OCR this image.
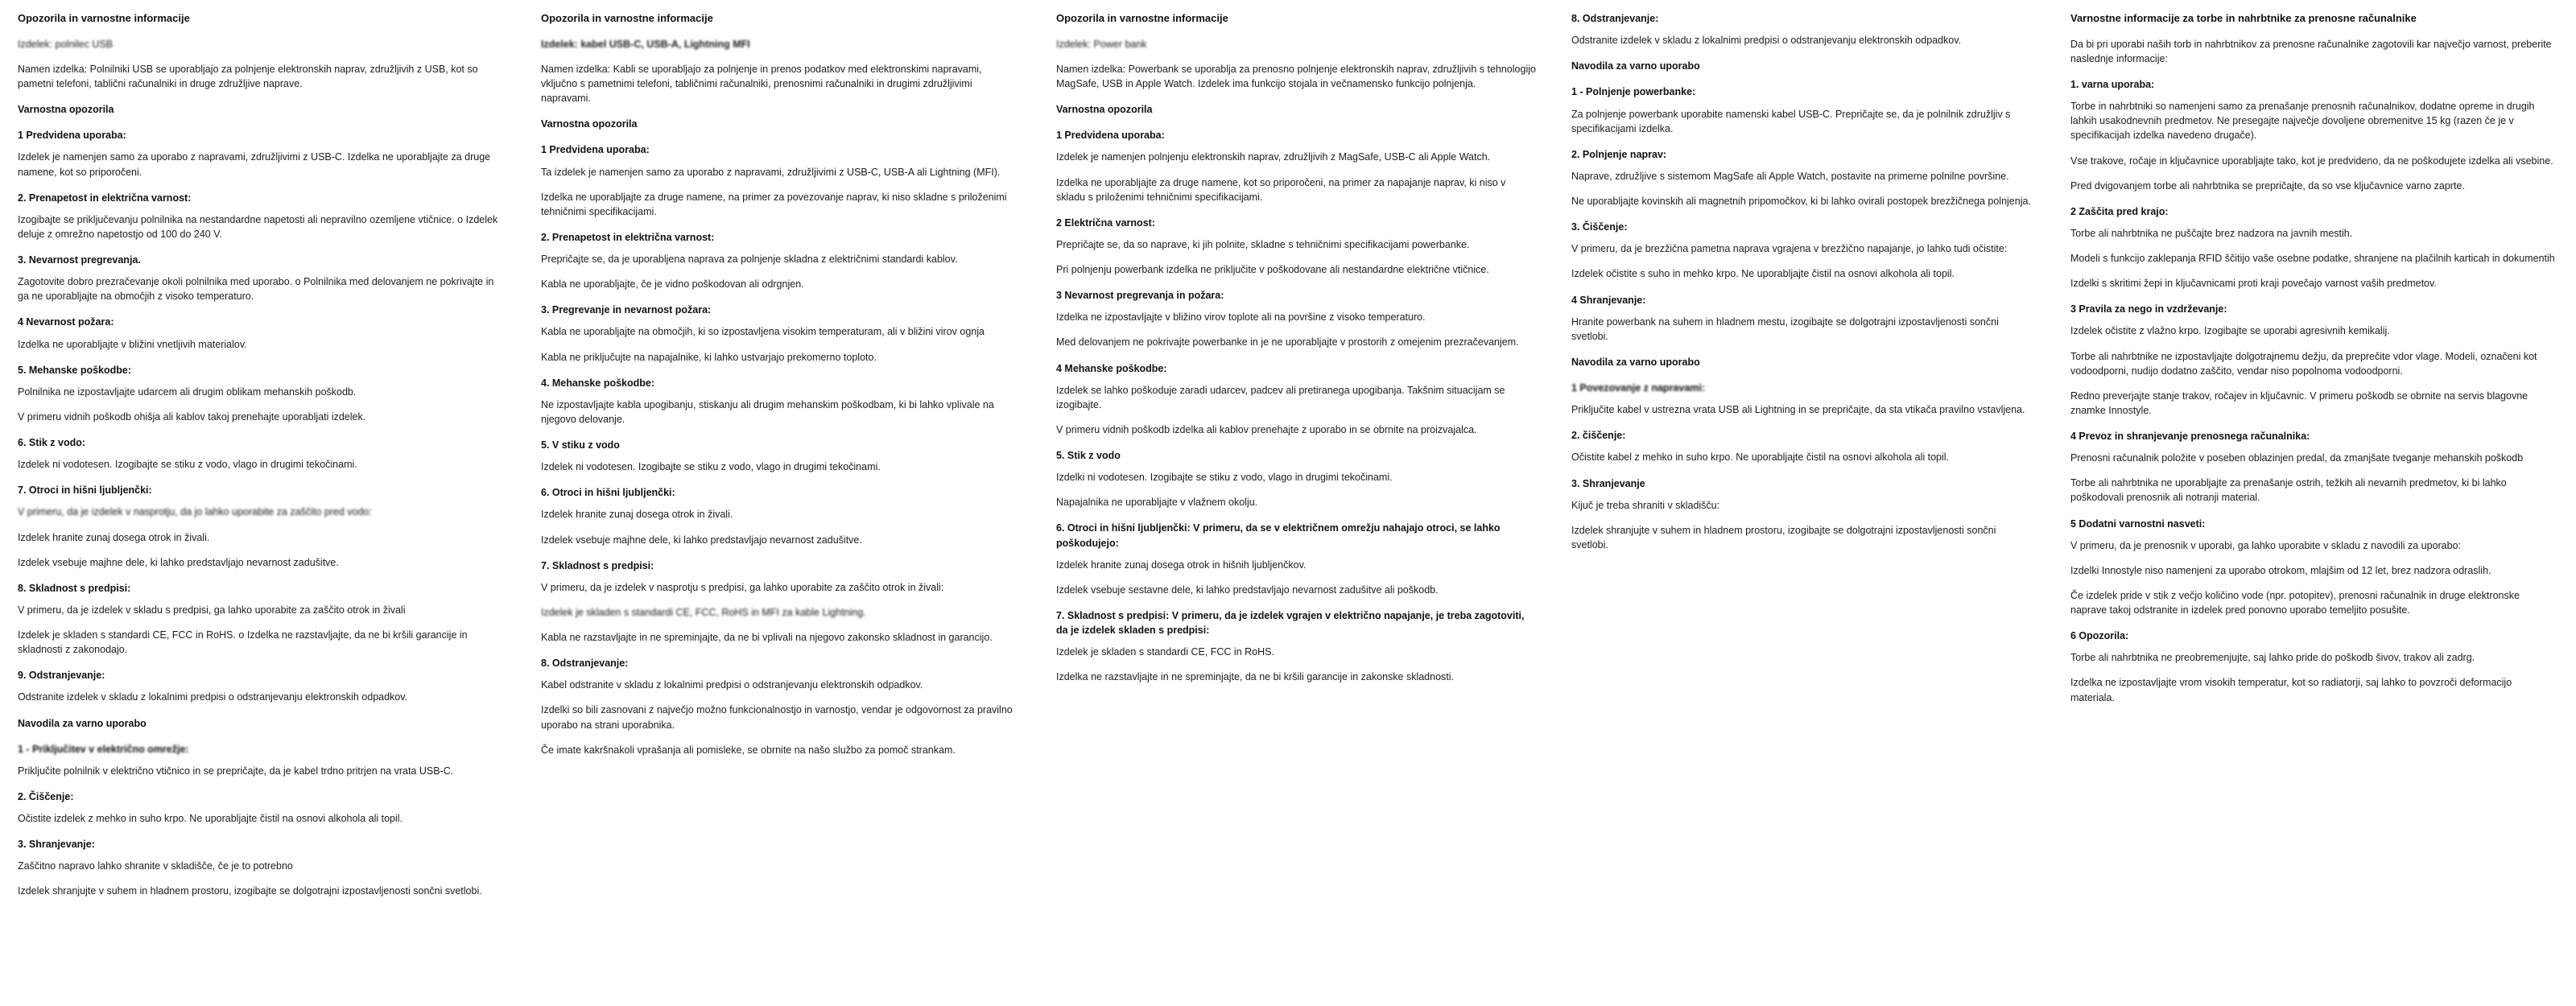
Opozorila in varnostne informacije
Izdelek: polnilec USB
Namen izdelka: Polnilniki USB se uporabljajo za polnjenje elektronskih naprav, združljivih z USB, kot so pametni telefoni, tablični računalniki in druge združljive naprave.
Varnostna opozorila
1 Predvidena uporaba:
Izdelek je namenjen samo za uporabo z napravami, združljivimi z USB-C. Izdelka ne uporabljajte za druge namene, kot so priporočeni.
2. Prenapetost in električna varnost:
Izogibajte se priključevanju polnilnika na nestandardne napetosti ali nepravilno ozemljene vtičnice. o Izdelek deluje z omrežno napetostjo od 100 do 240 V.
3. Nevarnost pregrevanja.
Zagotovite dobro prezračevanje okoli polnilnika med uporabo. o Polnilnika med delovanjem ne pokrivajte in ga ne uporabljajte na območjih z visoko temperaturo.
4 Nevarnost požara:
Izdelka ne uporabljajte v bližini vnetljivih materialov.
5. Mehanske poškodbe:
Polnilnika ne izpostavljajte udarcem ali drugim oblikam mehanskih poškodb.
V primeru vidnih poškodb ohišja ali kablov takoj prenehajte uporabljati izdelek.
6. Stik z vodo:
Izdelek ni vodotesen. Izogibajte se stiku z vodo, vlago in drugimi tekočinami.
7. Otroci in hišni ljubljenčki:
V primeru, da je izdelek v nasprotju, da jo lahko uporabite za zaščito pred vodo:
Izdelek hranite zunaj dosega otrok in živali.
Izdelek vsebuje majhne dele, ki lahko predstavljajo nevarnost zadušitve.
8. Skladnost s predpisi:
V primeru, da je izdelek v skladu s predpisi, ga lahko uporabite za zaščito otrok in živali
Izdelek je skladen s standardi CE, FCC in RoHS. o Izdelka ne razstavljajte, da ne bi kršili garancije in skladnosti z zakonodajo.
9. Odstranjevanje:
Odstranite izdelek v skladu z lokalnimi predpisi o odstranjevanju elektronskih odpadkov.
Navodila za varno uporabo
1 - Priključitev v električno omrežje:
Priključite polnilnik v električno vtičnico in se prepričajte, da je kabel trdno pritrjen na vrata USB-C.
2. Čiščenje:
Očistite izdelek z mehko in suho krpo. Ne uporabljajte čistil na osnovi alkohola ali topil.
3. Shranjevanje:
Zaščitno napravo lahko shranite v skladišče, če je to potrebno
Izdelek shranjujte v suhem in hladnem prostoru, izogibajte se dolgotrajni izpostavljenosti sončni svetlobi.
Opozorila in varnostne informacije
Izdelek: kabel USB-C, USB-A, Lightning MFI
Namen izdelka: Kabli se uporabljajo za polnjenje in prenos podatkov med elektronskimi napravami, vključno s pametnimi telefoni, tabličnimi računalniki, prenosnimi računalniki in drugimi združljivimi napravami.
Varnostna opozorila
1 Predvidena uporaba:
Ta izdelek je namenjen samo za uporabo z napravami, združljivimi z USB-C, USB-A ali Lightning (MFI).
Izdelka ne uporabljajte za druge namene, na primer za povezovanje naprav, ki niso skladne s priloženimi tehničnimi specifikacijami.
2. Prenapetost in električna varnost:
Prepričajte se, da je uporabljena naprava za polnjenje skladna z električnimi standardi kablov.
Kabla ne uporabljajte, če je vidno poškodovan ali odrgnjen.
3. Pregrevanje in nevarnost požara:
Kabla ne uporabljajte na območjih, ki so izpostavljena visokim temperaturam, ali v bližini virov ognja
Kabla ne priključujte na napajalnike, ki lahko ustvarjajo prekomerno toploto.
4. Mehanske poškodbe:
Ne izpostavljajte kabla upogibanju, stiskanju ali drugim mehanskim poškodbam, ki bi lahko vplivale na njegovo delovanje.
5. V stiku z vodo
Izdelek ni vodotesen. Izogibajte se stiku z vodo, vlago in drugimi tekočinami.
6. Otroci in hišni ljubljenčki:
Izdelek hranite zunaj dosega otrok in živali.
Izdelek vsebuje majhne dele, ki lahko predstavljajo nevarnost zadušitve.
7. Skladnost s predpisi:
V primeru, da je izdelek v nasprotju s predpisi, ga lahko uporabite za zaščito otrok in živali:
Izdelek je skladen s standardi CE, FCC, RoHS in MFI za kable Lightning.
Kabla ne razstavljajte in ne spreminjajte, da ne bi vplivali na njegovo zakonsko skladnost in garancijo.
8. Odstranjevanje:
Kabel odstranite v skladu z lokalnimi predpisi o odstranjevanju elektronskih odpadkov.
Izdelki so bili zasnovani z največjo možno funkcionalnostjo in varnostjo, vendar je odgovornost za pravilno uporabo na strani uporabnika.
Če imate kakršnakoli vprašanja ali pomisleke, se obrnite na našo službo za pomoč strankam.
Opozorila in varnostne informacije
Izdelek: Power bank
Namen izdelka: Powerbank se uporablja za prenosno polnjenje elektronskih naprav, združljivih s tehnologijo MagSafe, USB in Apple Watch. Izdelek ima funkcijo stojala in večnamensko funkcijo polnjenja.
Varnostna opozorila
1 Predvidena uporaba:
Izdelek je namenjen polnjenju elektronskih naprav, združljivih z MagSafe, USB-C ali Apple Watch.
Izdelka ne uporabljajte za druge namene, kot so priporočeni, na primer za napajanje naprav, ki niso v skladu s priloženimi tehničnimi specifikacijami.
2 Električna varnost:
Prepričajte se, da so naprave, ki jih polnite, skladne s tehničnimi specifikacijami powerbanke.
Pri polnjenju powerbank izdelka ne priključite v poškodovane ali nestandardne električne vtičnice.
3 Nevarnost pregrevanja in požara:
Izdelka ne izpostavljajte v bližino virov toplote ali na površine z visoko temperaturo.
Med delovanjem ne pokrivajte powerbanke in je ne uporabljajte v prostorih z omejenim prezračevanjem.
4 Mehanske poškodbe:
Izdelek se lahko poškoduje zaradi udarcev, padcev ali pretiranega upogibanja. Takšnim situacijam se izogibajte.
V primeru vidnih poškodb izdelka ali kablov prenehajte z uporabo in se obrnite na proizvajalca.
5. Stik z vodo
Izdelki ni vodotesen. Izogibajte se stiku z vodo, vlago in drugimi tekočinami.
Napajalnika ne uporabljajte v vlažnem okolju.
6. Otroci in hišni ljubljenčki: V primeru, da se v električnem omrežju nahajajo otroci, se lahko poškodujejo:
Izdelek hranite zunaj dosega otrok in hišnih ljubljenčkov.
Izdelek vsebuje sestavne dele, ki lahko predstavljajo nevarnost zadušitve ali poškodb.
7. Skladnost s predpisi: V primeru, da je izdelek vgrajen v električno napajanje, je treba zagotoviti, da je izdelek skladen s predpisi:
Izdelek je skladen s standardi CE, FCC in RoHS.
Izdelka ne razstavljajte in ne spreminjajte, da ne bi kršili garancije in zakonske skladnosti.
8. Odstranjevanje:
Odstranite izdelek v skladu z lokalnimi predpisi o odstranjevanju elektronskih odpadkov.
Navodila za varno uporabo
1 - Polnjenje powerbanke:
Za polnjenje powerbank uporabite namenski kabel USB-C. Prepričajte se, da je polnilnik združljiv s specifikacijami izdelka.
2. Polnjenje naprav:
Naprave, združljive s sistemom MagSafe ali Apple Watch, postavite na primerne polnilne površine.
Ne uporabljajte kovinskih ali magnetnih pripomočkov, ki bi lahko ovirali postopek brezžičnega polnjenja.
3. Čiščenje:
V primeru, da je brezžična pametna naprava vgrajena v brezžično napajanje, jo lahko tudi očistite:
Izdelek očistite s suho in mehko krpo. Ne uporabljajte čistil na osnovi alkohola ali topil.
4 Shranjevanje:
Hranite powerbank na suhem in hladnem mestu, izogibajte se dolgotrajni izpostavljenosti sončni svetlobi.
Navodila za varno uporabo
1 Povezovanje z napravami:
Priključite kabel v ustrezna vrata USB ali Lightning in se prepričajte, da sta vtikača pravilno vstavljena.
2. čiščenje:
Očistite kabel z mehko in suho krpo. Ne uporabljajte čistil na osnovi alkohola ali topil.
3. Shranjevanje
Kijuč je treba shraniti v skladišču:
Izdelek shranjujte v suhem in hladnem prostoru, izogibajte se dolgotrajni izpostavljenosti sončni svetlobi.
Varnostne informacije za torbe in nahrbtnike za prenosne računalnike
Da bi pri uporabi naših torb in nahrbtnikov za prenosne računalnike zagotovili kar največjo varnost, preberite naslednje informacije:
1. varna uporaba:
Torbe in nahrbtniki so namenjeni samo za prenašanje prenosnih računalnikov, dodatne opreme in drugih lahkih usakodnevnih predmetov. Ne presegajte največje dovoljene obremenitve 15 kg (razen če je v specifikacijah izdelka navedeno drugače).
Vse trakove, ročaje in ključavnice uporabljajte tako, kot je predvideno, da ne poškodujete izdelka ali vsebine.
Pred dvigovanjem torbe ali nahrbtnika se prepričajte, da so vse ključavnice varno zaprte.
2 Zaščita pred krajo:
Torbe ali nahrbtnika ne puščajte brez nadzora na javnih mestih.
Modeli s funkcijo zaklepanja RFID ščitijo vaše osebne podatke, shranjene na plačilnih karticah in dokumentih
Izdelki s skritimi žepi in ključavnicami proti kraji povečajo varnost vaših predmetov.
3 Pravila za nego in vzdrževanje:
Izdelek očistite z vlažno krpo. Izogibajte se uporabi agresivnih kemikalij.
Torbe ali nahrbtnike ne izpostavljajte dolgotrajnemu dežju, da preprečite vdor vlage. Modeli, označeni kot vodoodporni, nudijo dodatno zaščito, vendar niso popolnoma vodoodporni.
Redno preverjajte stanje trakov, ročajev in ključavnic. V primeru poškodb se obrnite na servis blagovne znamke Innostyle.
4 Prevoz in shranjevanje prenosnega računalnika:
Prenosni računalnik položite v poseben oblazinjen predal, da zmanjšate tveganje mehanskih poškodb
Torbe ali nahrbtnika ne uporabljajte za prenašanje ostrih, težkih ali nevarnih predmetov, ki bi lahko poškodovali prenosnik ali notranji material.
5 Dodatni varnostni nasveti:
V primeru, da je prenosnik v uporabi, ga lahko uporabite v skladu z navodili za uporabo:
Izdelki Innostyle niso namenjeni za uporabo otrokom, mlajšim od 12 let, brez nadzora odraslih.
Če izdelek pride v stik z večjo količino vode (npr. potopitev), prenosni računalnik in druge elektronske naprave takoj odstranite in izdelek pred ponovno uporabo temeljito posušite.
6 Opozorila:
Torbe ali nahrbtnika ne preobremenjujte, saj lahko pride do poškodb šivov, trakov ali zadrg.
Izdelka ne izpostavljajte vrom visokih temperatur, kot so radiatorji, saj lahko to povzroči deformacijo materiala.
